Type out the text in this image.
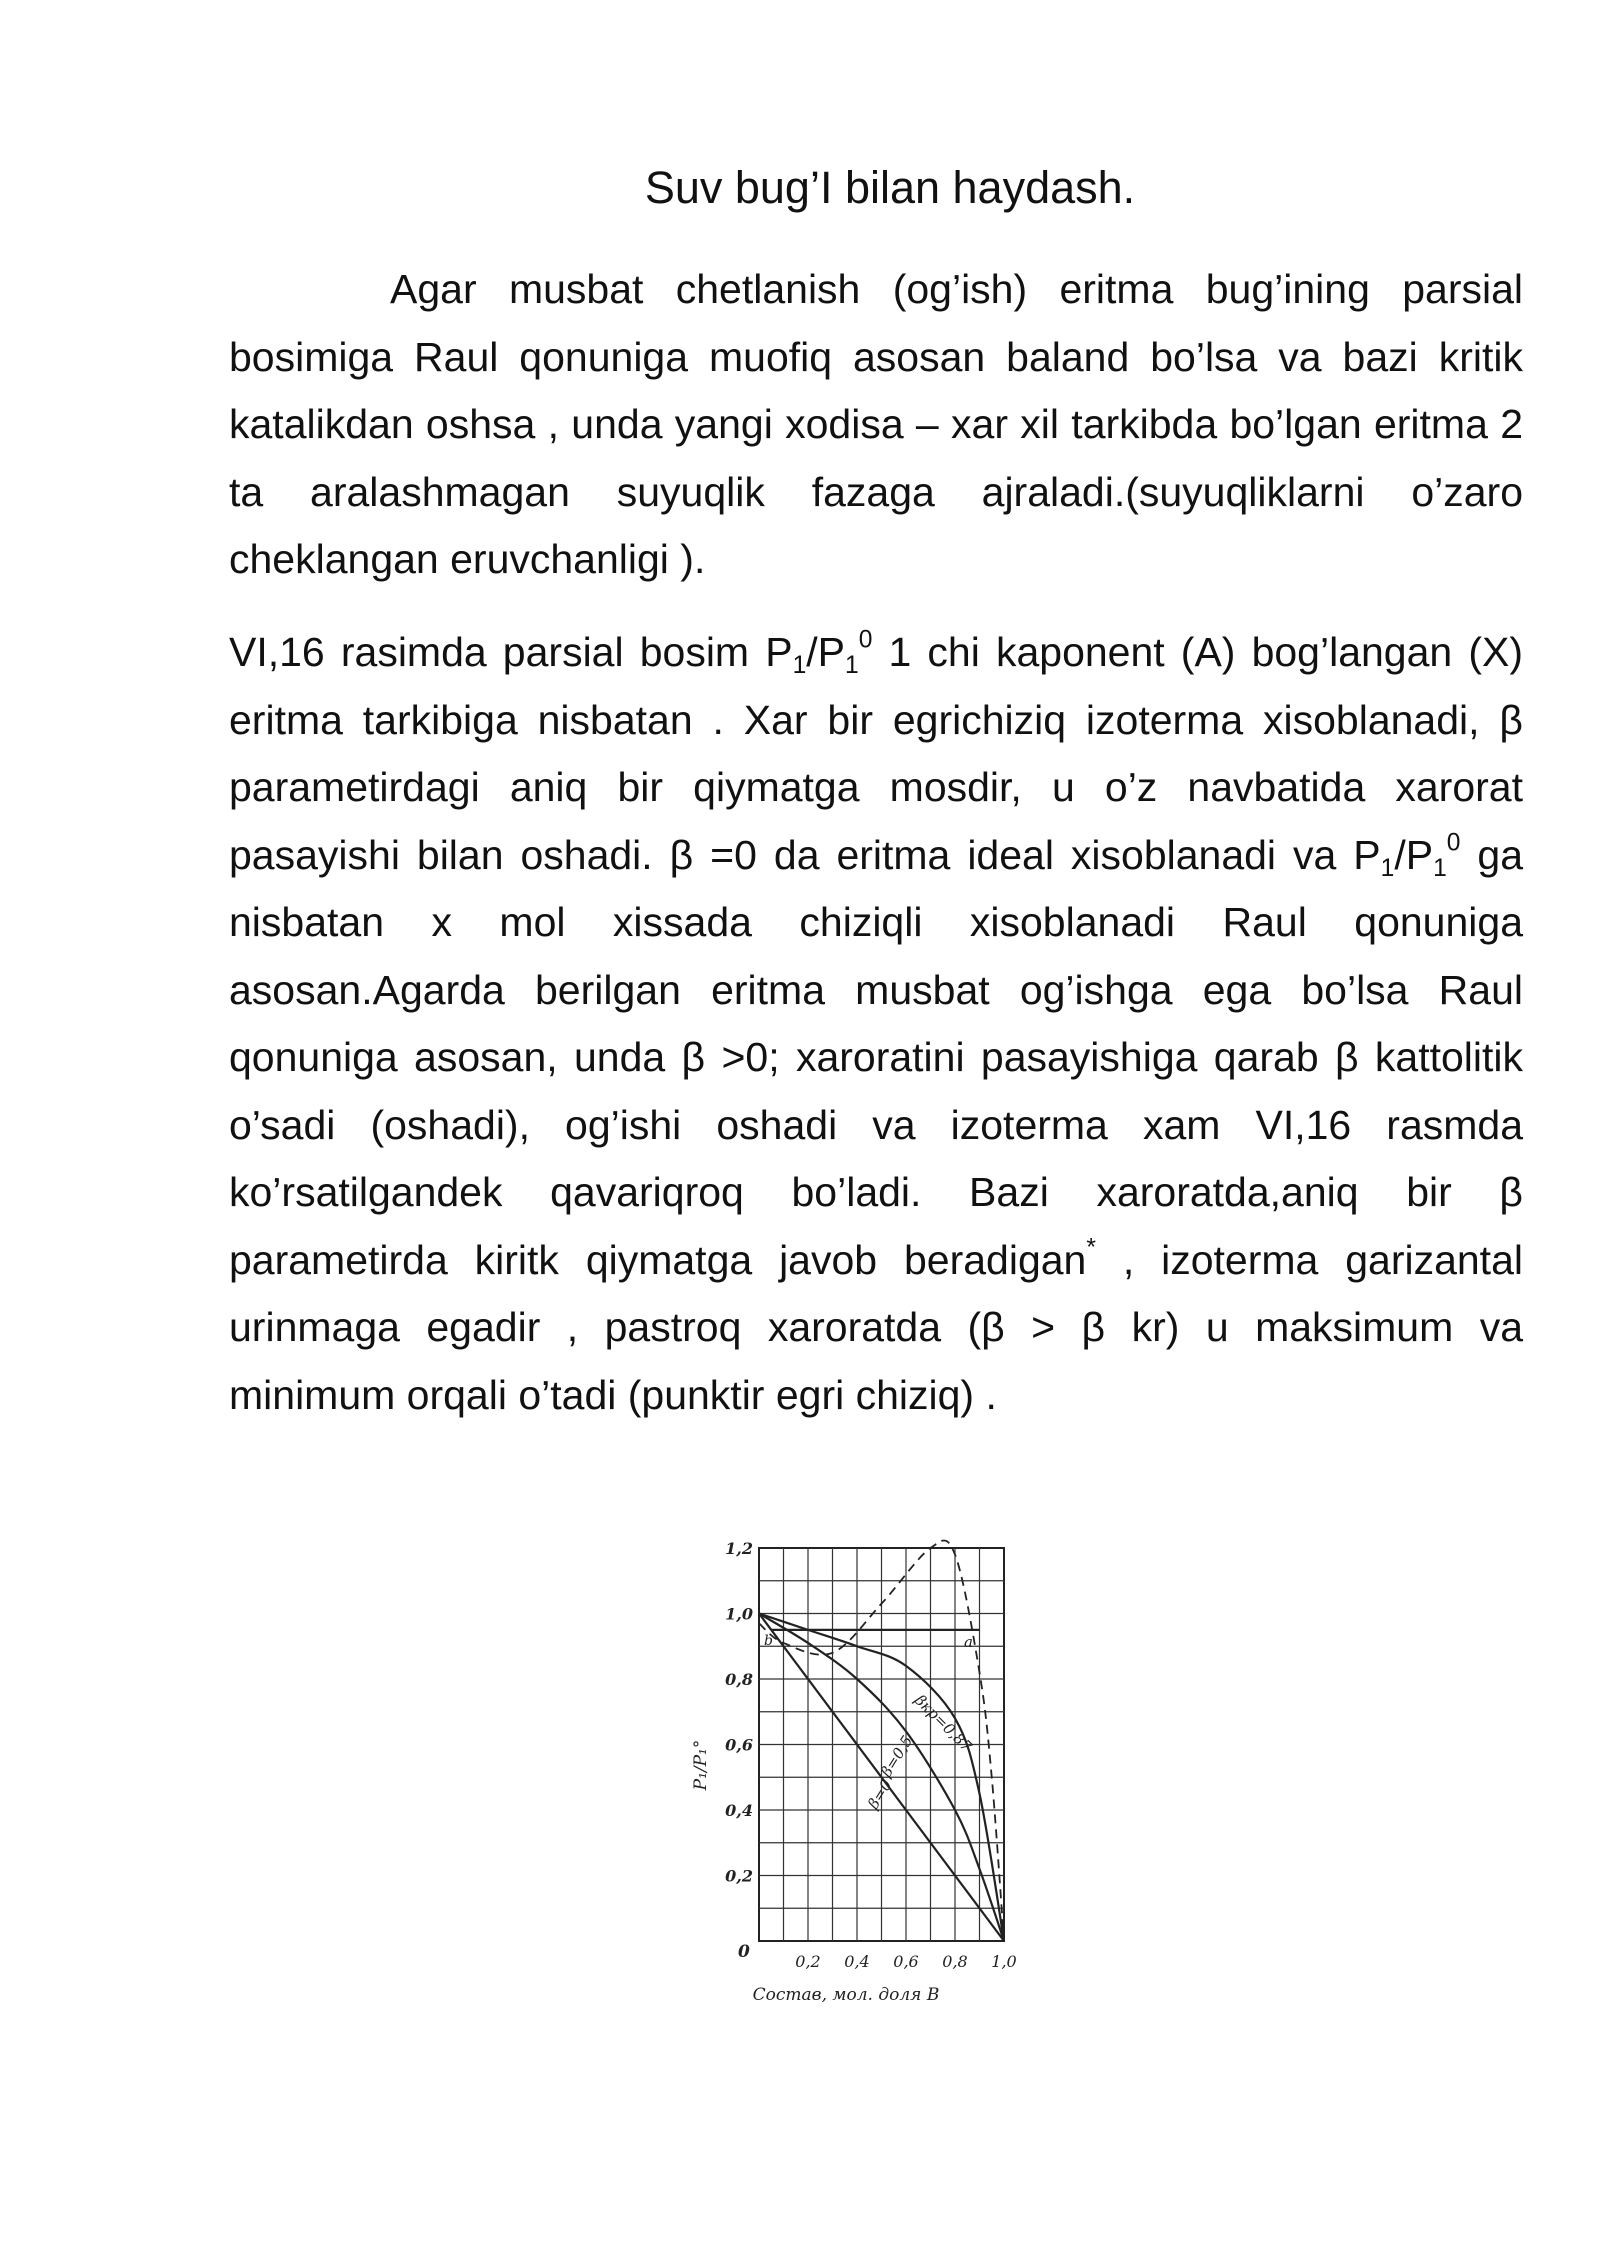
Suv bug’I bilan haydash.

Agar musbat chetlanish (og’ish) eritma bug’ining parsial bosimiga Raul qonuniga muofiq asosan baland bo’lsa va bazi kritik katalikdan oshsa , unda yangi xodisa – xar xil tarkibda bo’lgan eritma 2 ta aralashmagan suyuqlik fazaga ajraladi.(suyuqliklarni o’zaro cheklangan eruvchanligi ).

VI,16 rasimda parsial bosim $P_1/P_1^0$ 1 chi kaponent (A) bog’langan (X) eritma tarkibiga nisbatan . Xar bir egrichiziq izoterma xisoblanadi, β parametirdagi aniq bir qiymatga mosdir, u o’z navbatida xarorat pasayishi bilan oshadi. β =0 da eritma ideal xisoblanadi va $P_1/P_1^0$ ga nisbatan x mol xissada chiziqli xisoblanadi Raul qonuniga asosan.Agarda berilgan eritma musbat og’ishga ega bo’lsa Raul qonuniga asosan, unda β >0; xaroratini pasayishiga qarab β kattolitik o’sadi (oshadi), og’ishi oshadi va izoterma xam VI,16 rasmda ko’rsatilgandek qavariqroq bo’ladi. Bazi xaroratda,aniq bir β parametirda kiritk qiymatga javob beradigan* , izoterma garizantal urinmaga egadir , pastroq xaroratda (β > β kr) u maksimum va minimum orqali o’tadi (punktir egri chiziq) .

0,2 0,4 0,6 0,8 1,0
1,2
1,0
0,8
0,6
0,4
0,2
0
P₁/P₁°
Состав, мол. доля B
β=0
β=0,5
βкр=0,87
a
b
